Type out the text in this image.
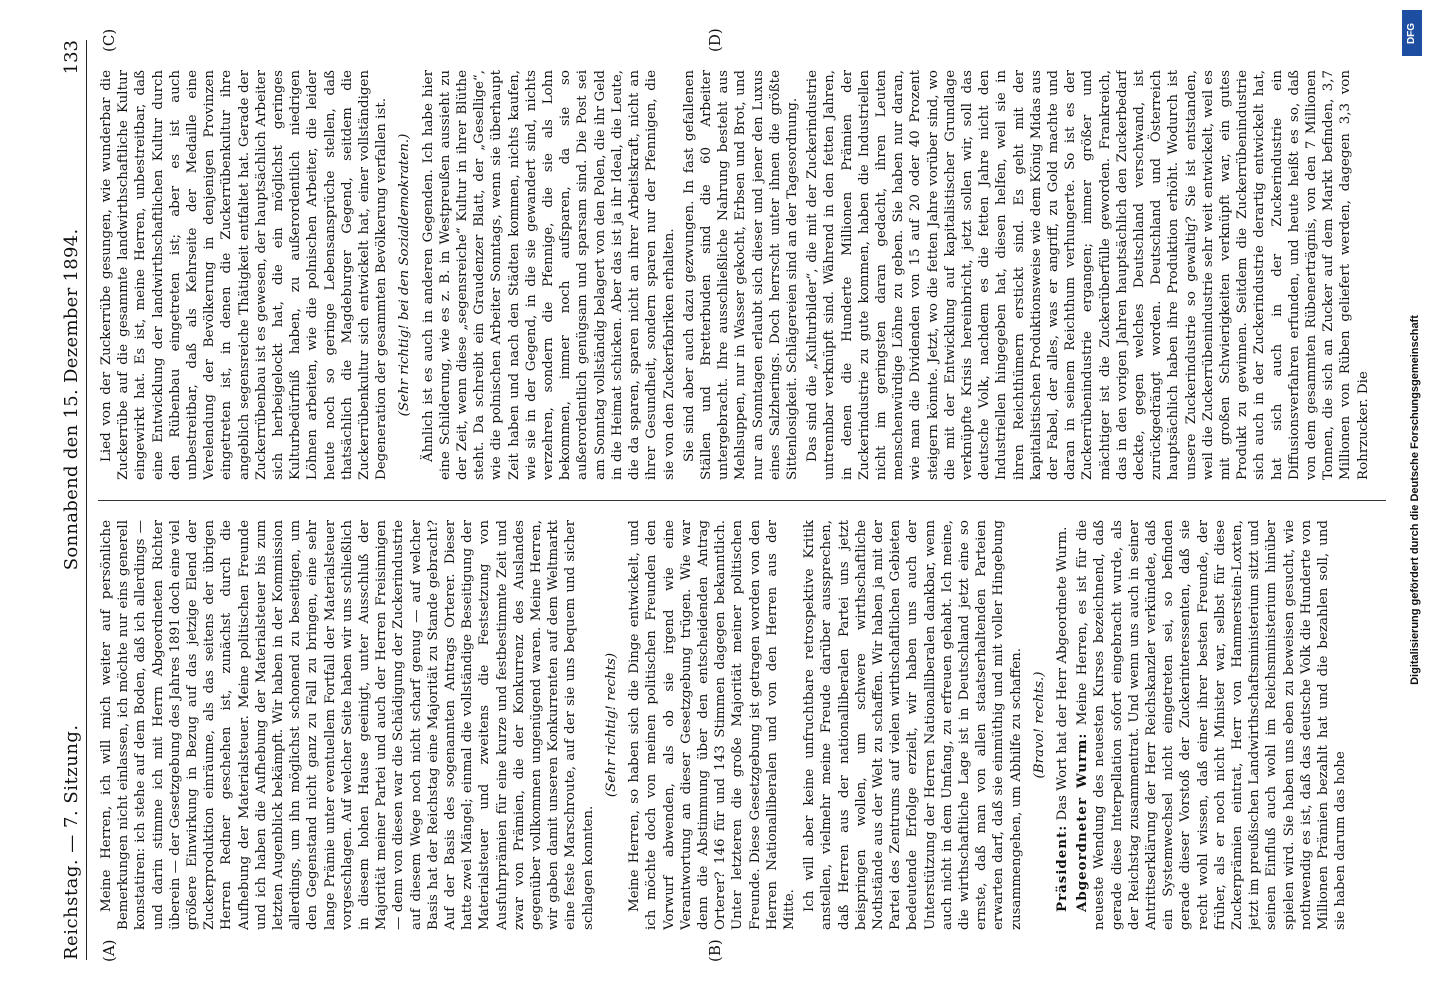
Reichstag. — 7. Sitzung.
Sonnabend den 15. Dezember 1894.
133
(A)	(B)
(C)	(D)

Meine Herren, ich will mich weiter auf persönliche Bemerkungen nicht einlassen, ich möchte nur eins generell konstatiren: ich stehe auf dem Boden, daß ich allerdings — und darin stimme ich mit Herrn Abgeordneten Richter überein — der Gesetzgebung des Jahres 1891 doch eine viel größere Einwirkung in Bezug auf das jetzige Elend der Zuckerproduktion einräume, als das seitens der übrigen Herren Redner geschehen ist, zunächst durch die Aufhebung der Materialsteuer. Meine politischen Freunde und ich haben die Aufhebung der Materialsteuer bis zum letzten Augenblick bekämpft. Wir haben in der Kommission allerdings, um ihn möglichst schonend zu beseitigen, um den Gegenstand nicht ganz zu Fall zu bringen, eine sehr lange Prämie unter eventuellem Fortfall der Materialsteuer vorgeschlagen. Auf welcher Seite haben wir uns schließlich in diesem hohen Hause geeinigt, unter Ausschluß der Majorität meiner Partei und auch der Herren Freisinnigen — denn von diesen war die Schädigung der Zuckerindustrie auf diesem Wege noch nicht scharf genug — auf welcher Basis hat der Reichstag eine Majorität zu Stande gebracht? Auf der Basis des sogenannten Antrags Orterer. Dieser hatte zwei Mängel; einmal die vollständige Beseitigung der Materialsteuer und zweitens die Festsetzung von Ausfuhrprämien für eine kurze und festbestimmte Zeit und zwar von Prämien, die der Konkurrenz des Auslandes gegenüber vollkommen ungenügend waren. Meine Herren, wir gaben damit unseren Konkurrenten auf dem Weltmarkt eine feste Marschroute, auf der sie uns bequem und sicher schlagen konnten.

(Sehr richtig! rechts) Meine Herren, so haben sich die Dinge entwickelt, und ich möchte doch von meinen politischen Freunden den Vorwurf abwenden, als ob sie irgend wie eine Verantwortung an dieser Gesetzgebung trügen. Wie war denn die Abstimmung über den entscheidenden Antrag Orterer? 146 für und 143 Stimmen dagegen bekanntlich. Unter letzteren die große Majorität meiner politischen Freunde. Diese Gesetzgebung ist getragen worden von den Herren Nationalliberalen und von den Herren aus der Mitte. Ich will aber keine unfruchtbare retrospektive Kritik anstellen, vielmehr meine Freude darüber aussprechen, daß Herren aus der nationalliberalen Partei uns jetzt beispringen wollen, um schwere wirthschaftliche Nothstände aus der Welt zu schaffen. Wir haben ja mit der Partei des Zentrums auf vielen wirthschaftlichen Gebieten bedeutende Erfolge erzielt, wir haben uns auch der Unterstützung der Herren Nationalliberalen dankbar, wenn auch nicht in dem Umfang, zu erfreuen gehabt. Ich meine, die wirthschaftliche Lage ist in Deutschland jetzt eine so ernste, daß man von allen staatserhaltenden Parteien erwarten darf, daß sie einmüthig und mit voller Hingebung zusammengehen, um Abhilfe zu schaffen. (Bravo! rechts.)

Präsident: Das Wort hat der Herr Abgeordnete Wurm.

Abgeordneter Wurm: Meine Herren, es ist für die neueste Wendung des neuesten Kurses bezeichnend, daß gerade diese Interpellation sofort eingebracht wurde, als der Reichstag zusammentrat. Und wenn uns auch in seiner Antrittserklärung der Herr Reichskanzler verkündete, daß ein Systemwechsel nicht eingetreten sei, so befinden gerade dieser Vorstoß der Zuckerinteressenten, daß sie recht wohl wissen, daß einer ihrer besten Freunde, der früher, als er noch nicht Minister war, selbst für diese Zuckerprämien eintrat, Herr von Hammerstein-Loxten, jetzt im preußischen Landwirthschaftsministerium sitzt und seinen Einfluß auch wohl im Reichsministerium hinüber spielen wird. Sie haben uns eben zu beweisen gesucht, wie nothwendig es ist, daß das deutsche Volk die Hunderte von Millionen Prämien bezahlt hat und die bezahlen soll, und sie haben darum das hohe

Lied von der Zuckerrübe gesungen, wie wunderbar die Zuckerrübe auf die gesammte landwirthschaftliche Kultur eingewirkt hat. Es ist, meine Herren, unbestreitbar, daß eine Entwicklung der landwirthschaftlichen Kultur durch den Rübenbau eingetreten ist; aber es ist auch unbestreitbar, daß als Kehrseite der Medaille eine Verelendung der Bevölkerung in denjenigen Provinzen eingetreten ist, in denen die Zuckerrübenkultur ihre angeblich segensreiche Thätigkeit entfaltet hat. Gerade der Zuckerrübenbau ist es gewesen, der hauptsächlich Arbeiter sich herbeigelockt hat, die ein möglichst geringes Kulturbedürfniß haben, zu außerordentlich niedrigen Löhnen arbeiten, wie die polnischen Arbeiter, die leider heute noch so geringe Lebensansprüche stellen, daß thatsächlich die Magdeburger Gegend, seitdem die Zuckerrübenkultur sich entwickelt hat, einer vollständigen Degeneration der gesammten Bevölkerung verfallen ist. (Sehr richtig! bei den Sozialdemokraten.) Ähnlich ist es auch in anderen Gegenden. Ich habe hier eine Schilderung, wie es z. B. in Westpreußen aussieht zu der Zeit, wenn diese „segensreiche“ Kultur in ihrer Blüthe steht. Da schreibt ein Graudenzer Blatt, der „Gesellige“, wie die polnischen Arbeiter Sonntags, wenn sie überhaupt Zeit haben und nach den Städten kommen, nichts kaufen, wie sie in der Gegend, in die sie gewandert sind, nichts verzehren, sondern die Pfennige, die sie als Lohn bekommen, immer noch aufsparen, da sie so außerordentlich genügsam und sparsam sind. Die Post sei am Sonntag vollständig belagert von den Polen, die ihr Geld in die Heimat schicken. Aber das ist ja ihr Ideal, die Leute, die da sparen, sparen nicht an ihrer Arbeitskraft, nicht an ihrer Gesundheit, sondern sparen nur der Pfennigen, die sie von den Zuckerfabriken erhalten. Sie sind aber auch dazu gezwungen. In fast gefallenen Ställen und Bretterbuden sind die 60 Arbeiter untergebracht. Ihre ausschließliche Nahrung besteht aus Mehlsuppen, nur in Wasser gekocht, Erbsen und Brot, und nur an Sonntagen erlaubt sich dieser und jener den Luxus eines Salzherings. Doch herrscht unter ihnen die größte Sittenlosigkeit. Schlägereien sind an der Tagesordnung. Das sind die „Kulturbilder“, die mit der Zuckerindustrie untrennbar verknüpft sind. Während in den fetten Jahren, in denen die Hunderte Millionen Prämien der Zuckerindustrie zu gute kommen, haben die Industriellen nicht im geringsten daran gedacht, ihren Leuten menschenwürdige Löhne zu geben. Sie haben nur daran, wie man die Dividenden von 15 auf 20 oder 40 Prozent steigern könnte. Jetzt, wo die fetten Jahre vorüber sind, wo die mit der Entwicklung auf kapitalistischer Grundlage verknüpfte Krisis hereinbricht, jetzt sollen wir, soll das deutsche Volk, nachdem es die fetten Jahre nicht den Industriellen hingegeben hat, diesen helfen, weil sie in ihren Reichthümern erstickt sind. Es geht mit der kapitalistischen Produktionsweise wie dem König Midas aus der Fabel, der alles, was er angriff, zu Gold machte und daran in seinem Reichthum verhungerte. So ist es der Zuckerrübenindustrie ergangen; immer größer und mächtiger ist die Zuckerüberfülle geworden. Frankreich, das in den vorigen Jahren hauptsächlich den Zuckerbedarf deckte, gegen welches Deutschland verschwand, ist zurückgedrängt worden. Deutschland und Österreich hauptsächlich haben ihre Produktion erhöht. Wodurch ist unsere Zuckerindustrie so gewaltig? Sie ist entstanden, weil die Zuckerrübenindustrie sehr weit entwickelt, weil es mit großen Schwierigkeiten verknüpft war, ein gutes Produkt zu gewinnen. Seitdem die Zuckerrübenindustrie sich auch in der Zuckerindustrie derartig entwickelt hat, hat sich auch in der Zuckerindustrie ein Diffusionsverfahren erfunden, und heute heißt es so, daß von dem gesammten Rübenerträgnis, von den 7 Millionen Tonnen, die sich an Zucker auf dem Markt befinden, 3,7 Millionen von Rüben geliefert werden, dagegen 3,3 von Rohrzucker. Die

DFG
Digitalisierung gefördert durch die Deutsche Forschungsgemeinschaft
